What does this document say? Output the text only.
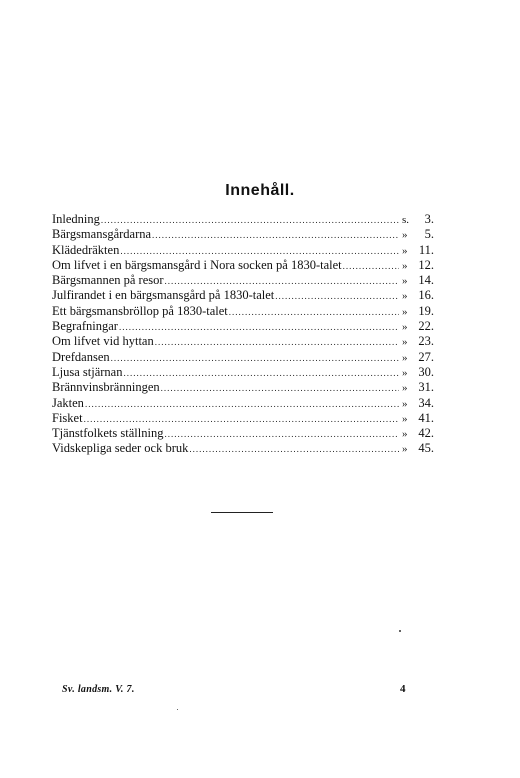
Innehåll.
Inledning .....	s.	3.
Bärgsmansgårdarna .....	»	5.
Klädedräkten .....	» 11.
Om lifvet i en bärgsmansgård i Nora socken på 1830-talet .....	» 12.
Bärgsmannen på resor .....	» 14.
Julfirandet i en bärgsmansgård på 1830-talet .....	» 16.
Ett bärgsmansbröllop på 1830-talet .....	» 19.
Begrafningar .....	» 22.
Om lifvet vid hyttan .....	» 23.
Drefdansen .....	» 27.
Ljusa stjärnan .....	» 30.
Brännvinsbränningen .....	» 31.
Jakten .....	» 34.
Fisket .....	» 41.
Tjänstfolkets ställning .....	» 42.
Vidskepliga seder ock bruk .....	» 45.
Sv. landsm. V. 7.	4
